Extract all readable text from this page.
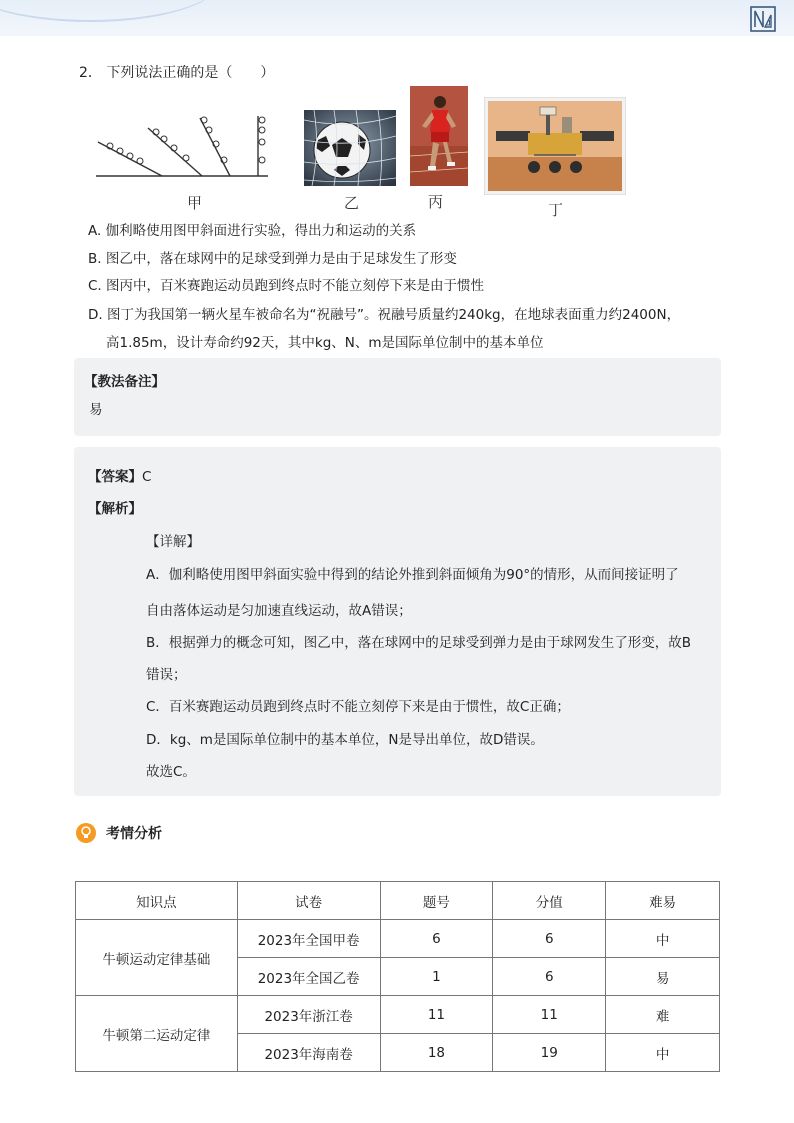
2． 下列说法正确的是（　　）
甲	乙	丙	丁
A. 伽利略使用图甲斜面进行实验，得出力和运动的关系
B. 图乙中，落在球网中的足球受到弹力是由于足球发生了形变
C. 图丙中，百米赛跑运动员跑到终点时不能立刻停下来是由于惯性
D. 图丁为我国第一辆火星车被命名为“祝融号”。祝融号质量约240kg，在地球表面重力约2400N，
高1.85m，设计寿命约92天，其中kg、N、m是国际单位制中的基本单位
【教法备注】
易
【答案】C
【解析】
【详解】
A．伽利略使用图甲斜面实验中得到的结论外推到斜面倾角为90°的情形，从而间接证明了
自由落体运动是匀加速直线运动，故A错误；
B．根据弹力的概念可知，图乙中，落在球网中的足球受到弹力是由于球网发生了形变，故B
错误；
C．百米赛跑运动员跑到终点时不能立刻停下来是由于惯性，故C正确；
D．kg、m是国际单位制中的基本单位，N是导出单位，故D错误。
故选C。
考情分析
知识点	试卷	题号	分值	难易
牛顿运动定律基础	2023年全国甲卷	6	6	中
	2023年全国乙卷	1	6	易
牛顿第二运动定律	2023年浙江卷	11	11	难
	2023年海南卷	18	19	中
